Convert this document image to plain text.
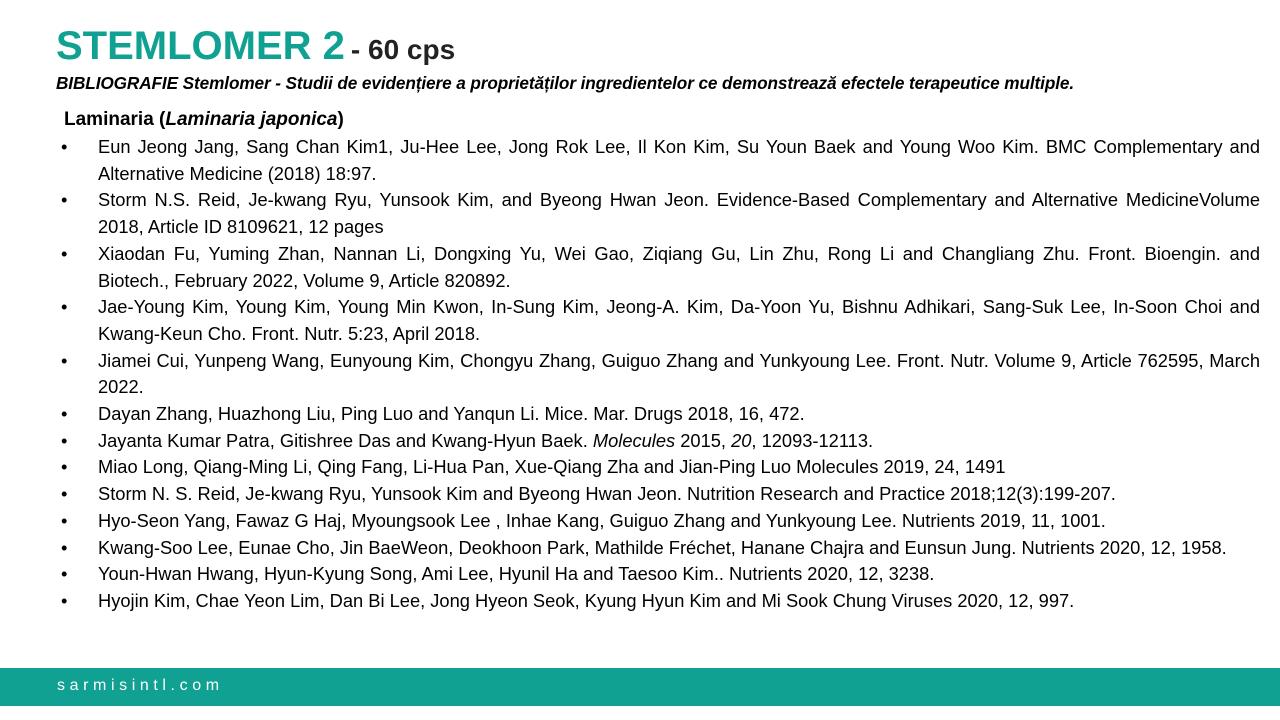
STEMLOMER 2 - 60 cps
BIBLIOGRAFIE Stemlomer - Studii de evidențiere a proprietăților ingredientelor ce demonstrează efectele terapeutice multiple.
Laminaria (Laminaria japonica)
•	Eun Jeong Jang, Sang Chan Kim1, Ju-Hee Lee, Jong Rok Lee, Il Kon Kim, Su Youn Baek and Young Woo Kim. BMC Complementary and Alternative Medicine (2018) 18:97.
•	Storm N.S. Reid, Je-kwang Ryu, Yunsook Kim, and Byeong Hwan Jeon. Evidence-Based Complementary and Alternative MedicineVolume 2018, Article ID 8109621, 12 pages
•	Xiaodan Fu, Yuming Zhan, Nannan Li, Dongxing Yu, Wei Gao, Ziqiang Gu, Lin Zhu, Rong Li and Changliang Zhu. Front. Bioengin. and Biotech., February 2022, Volume 9, Article 820892.
•	Jae-Young Kim, Young Kim, Young Min Kwon, In-Sung Kim, Jeong-A. Kim, Da-Yoon Yu, Bishnu Adhikari, Sang-Suk Lee, In-Soon Choi and Kwang-Keun Cho. Front. Nutr. 5:23, April 2018.
•	Jiamei Cui, Yunpeng Wang, Eunyoung Kim, Chongyu Zhang, Guiguo Zhang and Yunkyoung Lee. Front. Nutr. Volume 9, Article 762595, March 2022.
•	Dayan Zhang, Huazhong Liu, Ping Luo and Yanqun Li. Mice. Mar. Drugs 2018, 16, 472.
•	Jayanta Kumar Patra, Gitishree Das and Kwang-Hyun Baek. Molecules 2015, 20, 12093-12113.
•	Miao Long, Qiang-Ming Li, Qing Fang, Li-Hua Pan, Xue-Qiang Zha and Jian-Ping Luo Molecules 2019, 24, 1491
•	Storm N. S. Reid, Je-kwang Ryu, Yunsook Kim and Byeong Hwan Jeon. Nutrition Research and Practice 2018;12(3):199-207.
•	Hyo-Seon Yang, Fawaz G Haj, Myoungsook Lee , Inhae Kang, Guiguo Zhang and Yunkyoung Lee. Nutrients 2019, 11, 1001.
•	Kwang-Soo Lee, Eunae Cho, Jin BaeWeon, Deokhoon Park, Mathilde Fréchet, Hanane Chajra and Eunsun Jung. Nutrients 2020, 12, 1958.
•	Youn-Hwan Hwang, Hyun-Kyung Song, Ami Lee, Hyunil Ha and Taesoo Kim.. Nutrients 2020, 12, 3238.
•	Hyojin Kim, Chae Yeon Lim, Dan Bi Lee, Jong Hyeon Seok, Kyung Hyun Kim and Mi Sook Chung Viruses 2020, 12, 997.
sarmisintl.com
